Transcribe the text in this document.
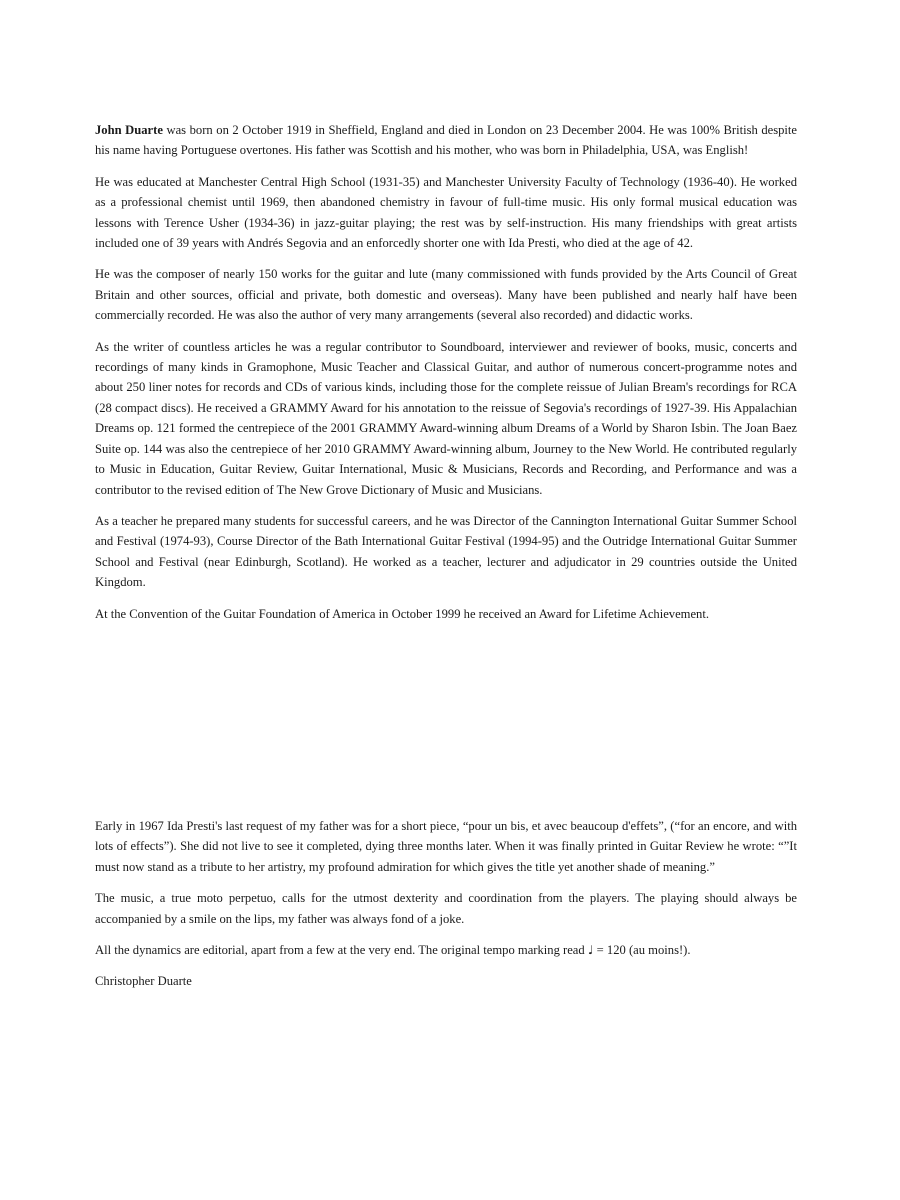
John Duarte was born on 2 October 1919 in Sheffield, England and died in London on 23 December 2004. He was 100% British despite his name having Portuguese overtones. His father was Scottish and his mother, who was born in Philadelphia, USA, was English!

He was educated at Manchester Central High School (1931-35) and Manchester University Faculty of Technology (1936-40). He worked as a professional chemist until 1969, then abandoned chemistry in favour of full-time music. His only formal musical education was lessons with Terence Usher (1934-36) in jazz-guitar playing; the rest was by self-instruction. His many friendships with great artists included one of 39 years with Andrés Segovia and an enforcedly shorter one with Ida Presti, who died at the age of 42.

He was the composer of nearly 150 works for the guitar and lute (many commissioned with funds provided by the Arts Council of Great Britain and other sources, official and private, both domestic and overseas). Many have been published and nearly half have been commercially recorded. He was also the author of very many arrangements (several also recorded) and didactic works.

As the writer of countless articles he was a regular contributor to Soundboard, interviewer and reviewer of books, music, concerts and recordings of many kinds in Gramophone, Music Teacher and Classical Guitar, and author of numerous concert-programme notes and about 250 liner notes for records and CDs of various kinds, including those for the complete reissue of Julian Bream's recordings for RCA (28 compact discs). He received a GRAMMY Award for his annotation to the reissue of Segovia's recordings of 1927-39. His Appalachian Dreams op. 121 formed the centrepiece of the 2001 GRAMMY Award-winning album Dreams of a World by Sharon Isbin. The Joan Baez Suite op. 144 was also the centrepiece of her 2010 GRAMMY Award-winning album, Journey to the New World. He contributed regularly to Music in Education, Guitar Review, Guitar International, Music & Musicians, Records and Recording, and Performance and was a contributor to the revised edition of The New Grove Dictionary of Music and Musicians.

As a teacher he prepared many students for successful careers, and he was Director of the Cannington International Guitar Summer School and Festival (1974-93), Course Director of the Bath International Guitar Festival (1994-95) and the Outridge International Guitar Summer School and Festival (near Edinburgh, Scotland). He worked as a teacher, lecturer and adjudicator in 29 countries outside the United Kingdom.

At the Convention of the Guitar Foundation of America in October 1999 he received an Award for Lifetime Achievement.

Early in 1967 Ida Presti's last request of my father was for a short piece, “pour un bis, et avec beaucoup d'effets”, (“for an encore, and with lots of effects”). She did not live to see it completed, dying three months later. When it was finally printed in Guitar Review he wrote: “”It must now stand as a tribute to her artistry, my profound admiration for which gives the title yet another shade of meaning.”

The music, a true moto perpetuo, calls for the utmost dexterity and coordination from the players. The playing should always be accompanied by a smile on the lips, my father was always fond of a joke.

All the dynamics are editorial, apart from a few at the very end. The original tempo marking read ♩ = 120 (au moins!).

Christopher Duarte
